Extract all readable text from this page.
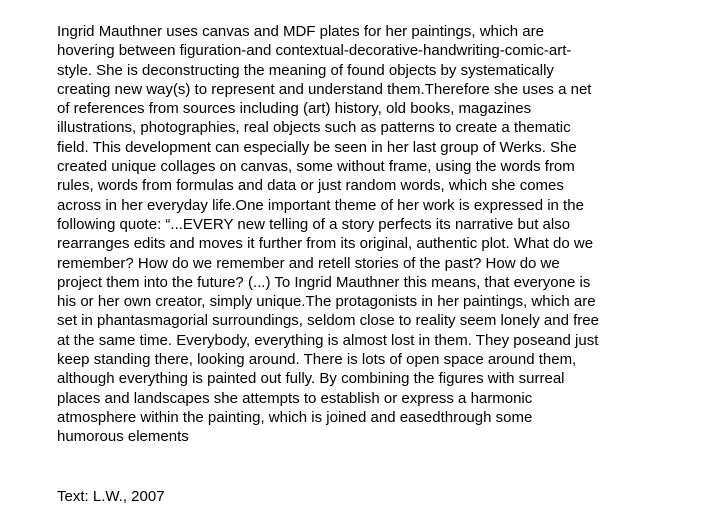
Ingrid Mauthner uses canvas and MDF plates for her paintings, which are
hovering between figuration-and contextual-decorative-handwriting-comic-art-
style. She is deconstructing the meaning of found objects by systematically
creating new way(s) to represent and understand them.Therefore she uses a net
of references from sources including (art) history, old books, magazines
illustrations, photographies, real objects such as patterns to create a thematic
field. This development can especially be seen in her last group of Werks. She
created unique collages on canvas, some without frame, using the words from
rules, words from formulas and data or just random words, which she comes
across in her everyday life.One important theme of her work is expressed in the
following quote: “...EVERY new telling of a story perfects its narrative but also
rearranges edits and moves it further from its original, authentic plot. What do we
remember? How do we remember and retell stories of the past? How do we
project them into the future? (...) To Ingrid Mauthner this means, that everyone is
his or her own creator, simply unique.The protagonists in her paintings, which are
set in phantasmagorial surroundings, seldom close to reality seem lonely and free
at the same time. Everybody, everything is almost lost in them. They poseand just
keep standing there, looking around. There is lots of open space around them,
although everything is painted out fully. By combining the figures with surreal
places and landscapes she attempts to establish or express a harmonic
atmosphere within the painting, which is joined and easedthrough some
humorous elements

Text: L.W., 2007
